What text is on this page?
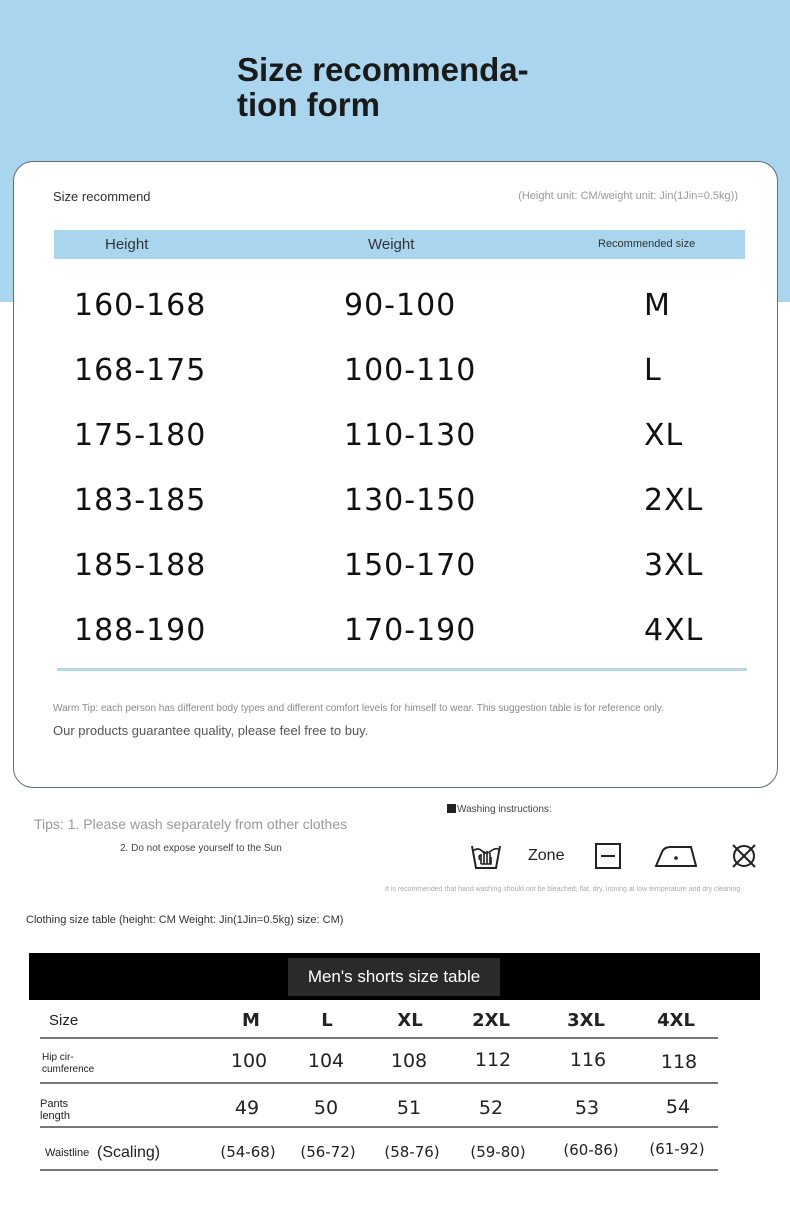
Size recommenda-
tion form
Size recommend	(Height unit: CM/weight unit: Jin(1Jin=0.5kg))
Height	Weight	Recommended size
160-168	90-100	M
168-175	100-110	L
175-180	110-130	XL
183-185	130-150	2XL
185-188	150-170	3XL
188-190	170-190	4XL

Warm Tip: each person has different body types and different comfort levels for himself to wear. This suggestion table is for reference only.

Our products guarantee quality, please feel free to buy.

Tips: 1. Please wash separately from other clothes

2. Do not expose yourself to the Sun

Washing instructions:
Zone

It is recommended that hand washing should not be bleached, flat, dry, ironing at low temperature and dry cleaning

Clothing size table (height: CM Weight: Jin(1Jin=0.5kg) size: CM)

Men's shorts size table
Size	M	L	XL	2XL	3XL	4XL
Hip cir-cumference	100	104	108	112	116	118
Pants length	49	50	51	52	53	54
Waistline (Scaling)	(54-68)	(56-72)	(58-76)	(59-80)	(60-86)	(61-92)
